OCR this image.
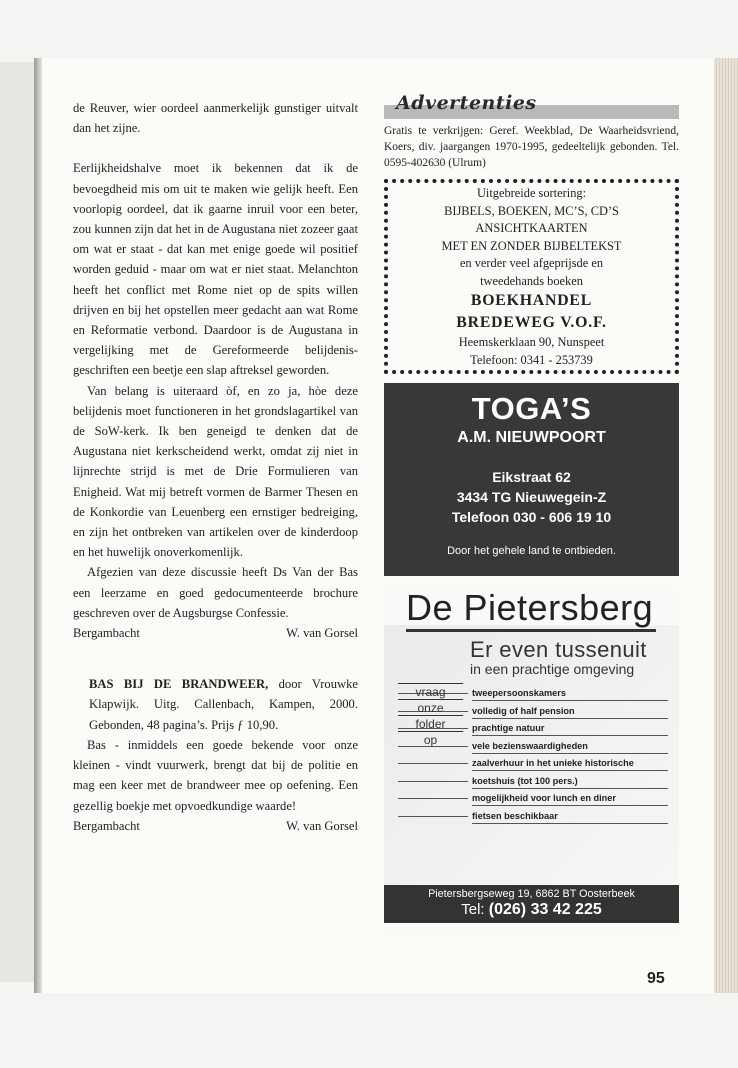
de Reuver, wier oordeel aanmerkelijk gunstiger uitvalt dan het zijne.

Eerlijkheidshalve moet ik bekennen dat ik de bevoegdheid mis om uit te maken wie gelijk heeft. Een voorlopig oordeel, dat ik gaarne inruil voor een beter, zou kunnen zijn dat het in de Augustana niet zozeer gaat om wat er staat - dat kan met enige goede wil positief worden geduid - maar om wat er niet staat. Melanchton heeft het conflict met Rome niet op de spits willen drijven en bij het opstellen meer gedacht aan wat Rome en Reformatie verbond. Daardoor is de Augustana in vergelijking met de Gereformeerde belijdenis-geschriften een beetje een slap aftreksel geworden.

Van belang is uiteraard òf, en zo ja, hòe deze belijdenis moet functioneren in het grondslagartikel van de SoW-kerk. Ik ben geneigd te denken dat de Augustana niet kerkscheidend werkt, omdat zij niet in lijnrechte strijd is met de Drie Formulieren van Enigheid. Wat mij betreft vormen de Barmer Thesen en de Konkordie van Leuenberg een ernstiger bedreiging, en zijn het ontbreken van artikelen over de kinderdoop en het huwelijk onoverkomenlijk.

Afgezien van deze discussie heeft Ds Van der Bas een leerzame en goed gedocumenteerde brochure geschreven over de Augsburgse Confessie.

Bergambacht	W. van Gorsel

BAS BIJ DE BRANDWEER, door Vrouwke Klapwijk. Uitg. Callenbach, Kampen, 2000. Gebonden, 48 pagina’s. Prijs ƒ 10,90.

Bas - inmiddels een goede bekende voor onze kleinen - vindt vuurwerk, brengt dat bij de politie en mag een keer met de brandweer mee op oefening. Een gezellig boekje met opvoedkundige waarde!

Bergambacht	W. van Gorsel
Advertenties
Gratis te verkrijgen: Geref. Weekblad, De Waarheidsvriend, Koers, div. jaargangen 1970-1995, gedeeltelijk gebonden. Tel. 0595-402630 (Ulrum)
Uitgebreide sortering:
BIJBELS, BOEKEN, MC’S, CD’S
ANSICHTKAARTEN
MET EN ZONDER BIJBELTEKST
en verder veel afgeprijsde en
tweedehands boeken
BOEKHANDEL
BREDEWEG V.O.F.
Heemskerklaan 90, Nunspeet
Telefoon: 0341 - 253739
TOGA’S
A.M. NIEUWPOORT
Eikstraat 62
3434 TG Nieuwegein-Z
Telefoon 030 - 606 19 10
Door het gehele land te ontbieden.
De Pietersberg
Er even tussenuit
in een prachtige omgeving
tweepersoonskamers
volledig of half pension
prachtige natuur
vele bezienswaardigheden
zaalverhuur in het unieke historische
koetshuis (tot 100 pers.)
mogelijkheid voor lunch en diner
fietsen beschikbaar
vraag
onze
folder
op
Pietersbergseweg 19, 6862 BT Oosterbeek
Tel: (026) 33 42 225
95
